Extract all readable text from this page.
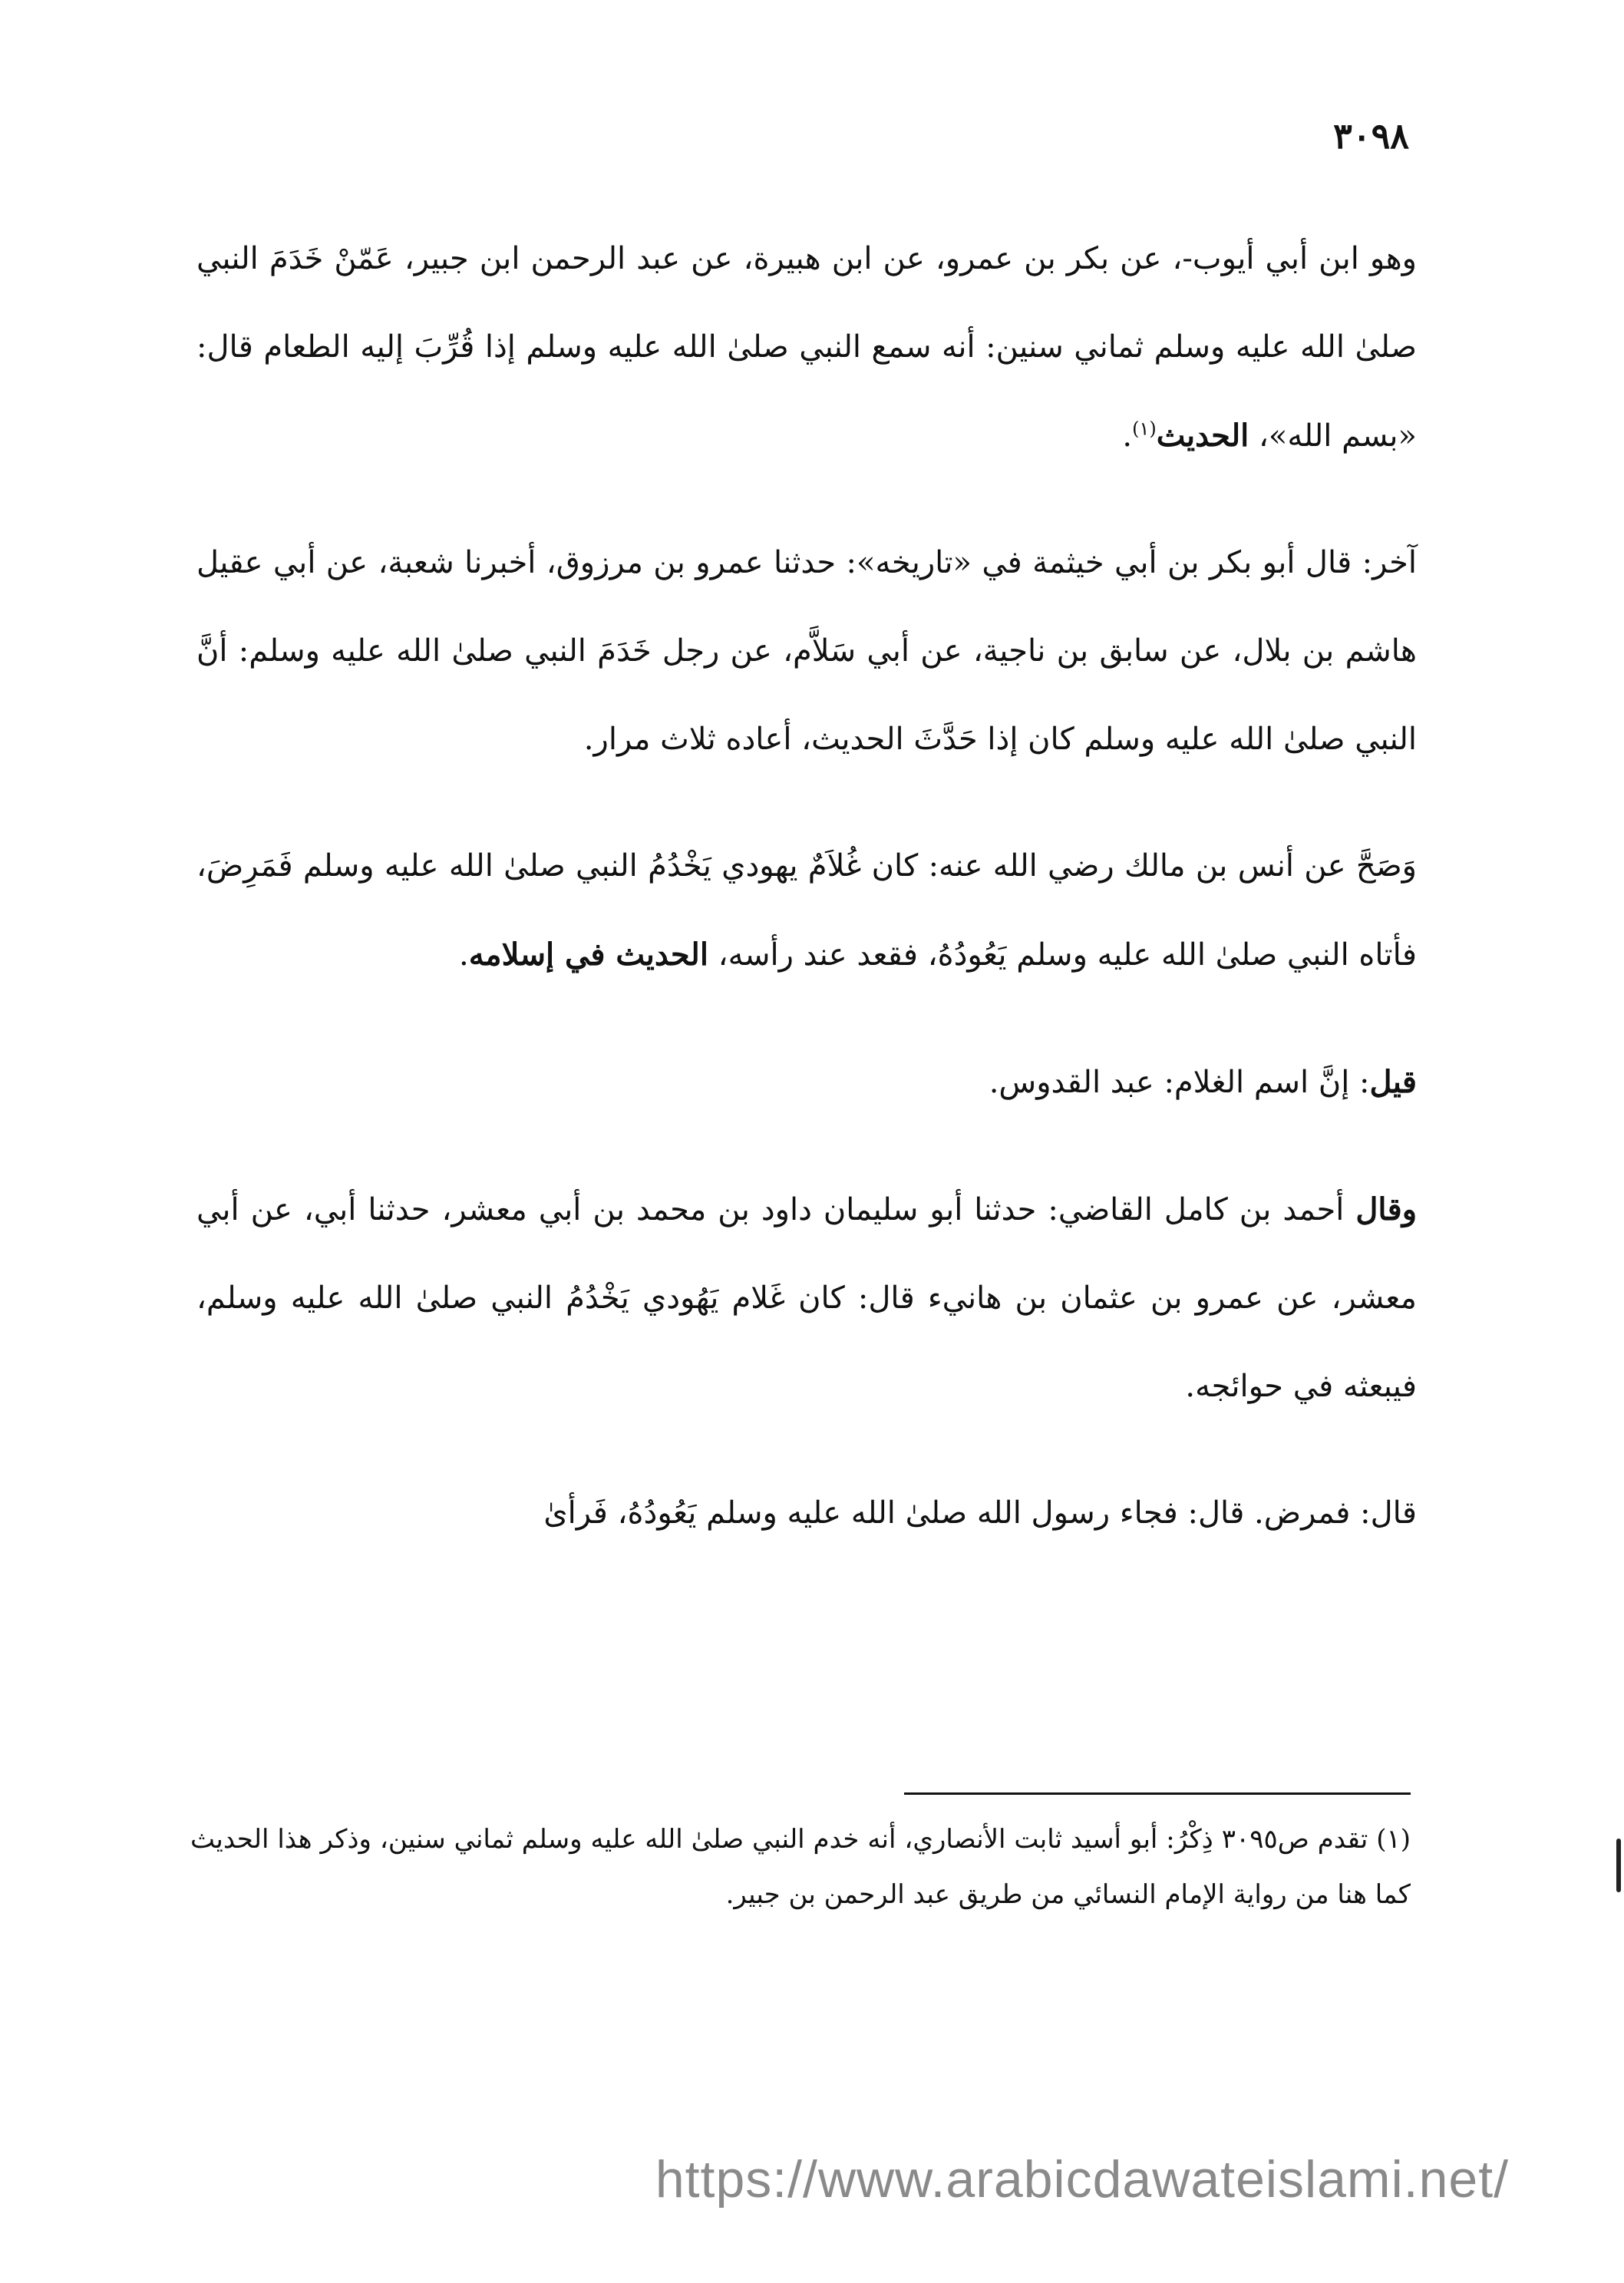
٣٠٩٨

وهو ابن أبي أيوب-، عن بكر بن عمرو، عن ابن هبيرة، عن عبد الرحمن ابن جبير، عَمّنْ خَدَمَ النبي صلىٰ الله عليه وسلم ثماني سنين: أنه سمع النبي صلىٰ الله عليه وسلم إذا قُرِّبَ إليه الطعام قال: «بسم الله»، الحديث$^{(١)}$.

آخر: قال أبو بكر بن أبي خيثمة في «تاريخه»: حدثنا عمرو بن مرزوق، أخبرنا شعبة، عن أبي عقيل هاشم بن بلال، عن سابق بن ناجية، عن أبي سَلاَّم، عن رجل خَدَمَ النبي صلىٰ الله عليه وسلم: أنَّ النبي صلىٰ الله عليه وسلم كان إذا حَدَّثَ الحديث، أعاده ثلاث مرار.

وَصَحَّ عن أنس بن مالك رضي الله عنه: كان غُلاَمٌ يهودي يَخْدُمُ النبي صلىٰ الله عليه وسلم فَمَرِضَ، فأتاه النبي صلىٰ الله عليه وسلم يَعُودُهُ، فقعد عند رأسه، الحديث في إسلامه.

قيل: إنَّ اسم الغلام: عبد القدوس.

وقال أحمد بن كامل القاضي: حدثنا أبو سليمان داود بن محمد بن أبي معشر، حدثنا أبي، عن أبي معشر، عن عمرو بن عثمان بن هانيء قال: كان غَلام يَهُودي يَخْدُمُ النبي صلىٰ الله عليه وسلم، فيبعثه في حوائجه.

قال: فمرض. قال: فجاء رسول الله صلىٰ الله عليه وسلم يَعُودُهُ، فَرأىٰ

(١) تقدم ص٣٠٩٥ ذِكْرُ: أبو أسيد ثابت الأنصاري، أنه خدم النبي صلىٰ الله عليه وسلم ثماني سنين، وذكر هذا الحديث كما هنا من رواية الإمام النسائي من طريق عبد الرحمن بن جبير.
https://www.arabicdawateislami.net/
